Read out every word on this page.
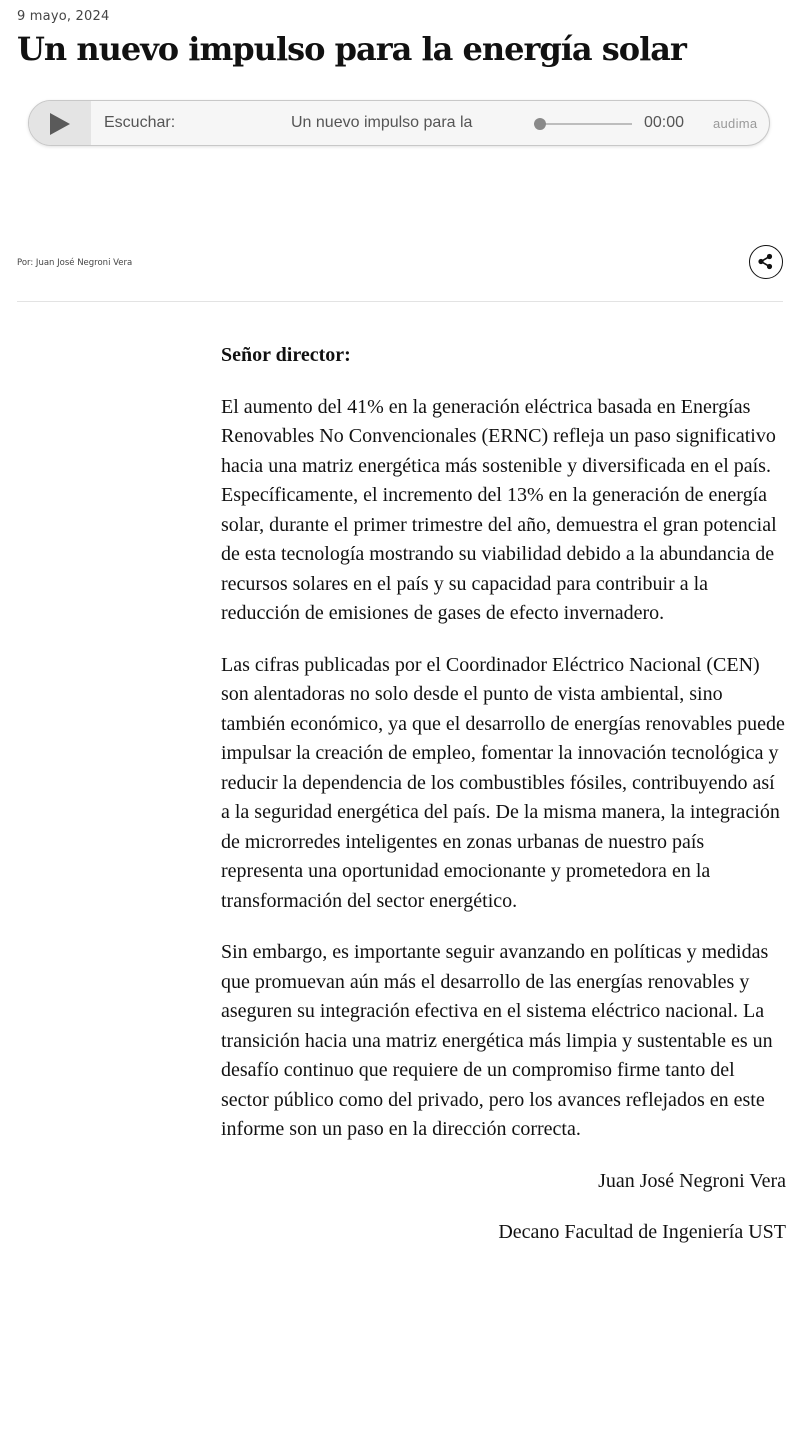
9 mayo, 2024
Un nuevo impulso para la energía solar
Escuchar:	Un nuevo impulso para la	00:00 audima
Por: Juan José Negroni Vera

Señor director:

El aumento del 41% en la generación eléctrica basada en Energías Renovables No Convencionales (ERNC) refleja un paso significativo hacia una matriz energética más sostenible y diversificada en el país. Específicamente, el incremento del 13% en la generación de energía solar, durante el primer trimestre del año, demuestra el gran potencial de esta tecnología mostrando su viabilidad debido a la abundancia de recursos solares en el país y su capacidad para contribuir a la reducción de emisiones de gases de efecto invernadero.

Las cifras publicadas por el Coordinador Eléctrico Nacional (CEN) son alentadoras no solo desde el punto de vista ambiental, sino también económico, ya que el desarrollo de energías renovables puede impulsar la creación de empleo, fomentar la innovación tecnológica y reducir la dependencia de los combustibles fósiles, contribuyendo así a la seguridad energética del país. De la misma manera, la integración de microrredes inteligentes en zonas urbanas de nuestro país representa una oportunidad emocionante y prometedora en la transformación del sector energético.

Sin embargo, es importante seguir avanzando en políticas y medidas que promuevan aún más el desarrollo de las energías renovables y aseguren su integración efectiva en el sistema eléctrico nacional. La transición hacia una matriz energética más limpia y sustentable es un desafío continuo que requiere de un compromiso firme tanto del sector público como del privado, pero los avances reflejados en este informe son un paso en la dirección correcta.

Juan José Negroni Vera

Decano Facultad de Ingeniería UST
